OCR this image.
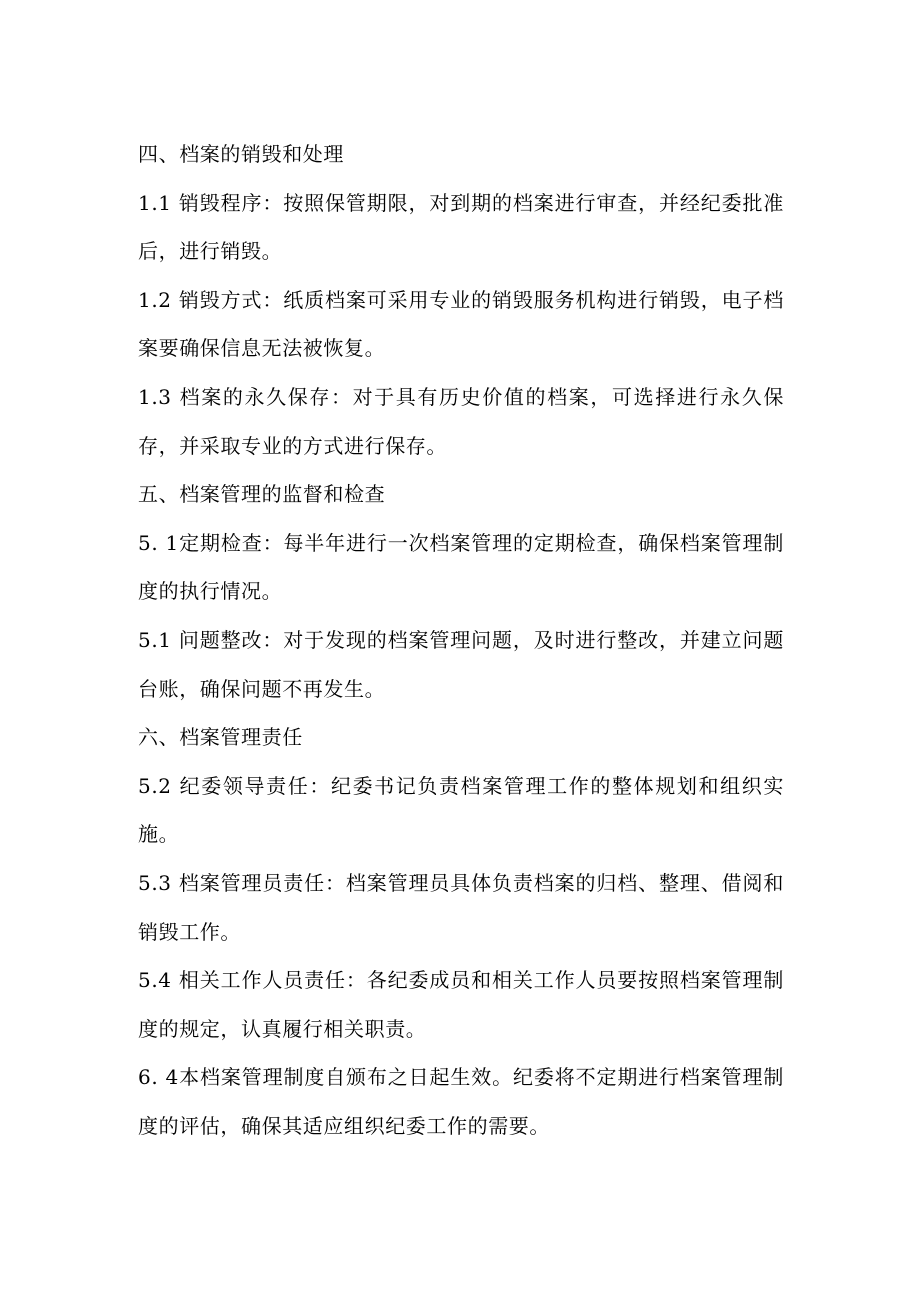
四、档案的销毁和处理

1.1 销毁程序：按照保管期限，对到期的档案进行审查，并经纪委批准后，进行销毁。

1.2 销毁方式：纸质档案可采用专业的销毁服务机构进行销毁，电子档案要确保信息无法被恢复。

1.3 档案的永久保存：对于具有历史价值的档案，可选择进行永久保存，并采取专业的方式进行保存。

五、档案管理的监督和检查

5. 1定期检查：每半年进行一次档案管理的定期检查，确保档案管理制度的执行情况。

5.1 问题整改：对于发现的档案管理问题，及时进行整改，并建立问题台账，确保问题不再发生。

六、档案管理责任

5.2 纪委领导责任：纪委书记负责档案管理工作的整体规划和组织实施。

5.3 档案管理员责任：档案管理员具体负责档案的归档、整理、借阅和销毁工作。

5.4 相关工作人员责任：各纪委成员和相关工作人员要按照档案管理制度的规定，认真履行相关职责。

6. 4本档案管理制度自颁布之日起生效。纪委将不定期进行档案管理制度的评估，确保其适应组织纪委工作的需要。
